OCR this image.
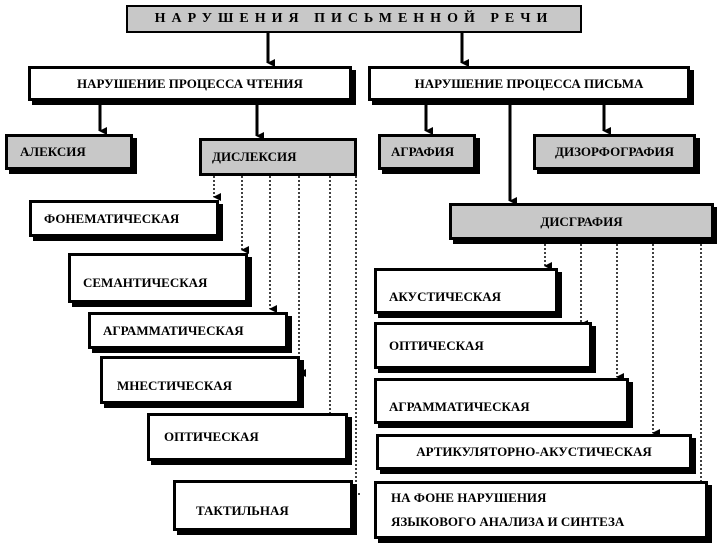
НАРУШЕНИЯ ПИСЬМЕННОЙ РЕЧИ
НАРУШЕНИЕ ПРОЦЕССА ЧТЕНИЯ	НАРУШЕНИЕ ПРОЦЕССА ПИСЬМА
АЛЕКСИЯ	ДИСЛЕКСИЯ	АГРАФИЯ	ДИЗОРФОГРАФИЯ
ДИСГРАФИЯ
ФОНЕМАТИЧЕСКАЯ
СЕМАНТИЧЕСКАЯ
АГРАММАТИЧЕСКАЯ
МНЕСТИЧЕСКАЯ
ОПТИЧЕСКАЯ
ТАКТИЛЬНАЯ
АКУСТИЧЕСКАЯ
ОПТИЧЕСКАЯ
АГРАММАТИЧЕСКАЯ
АРТИКУЛЯТОРНО-АКУСТИЧЕСКАЯ
НА ФОНЕ НАРУШЕНИЯ
ЯЗЫКОВОГО АНАЛИЗА И СИНТЕЗА
